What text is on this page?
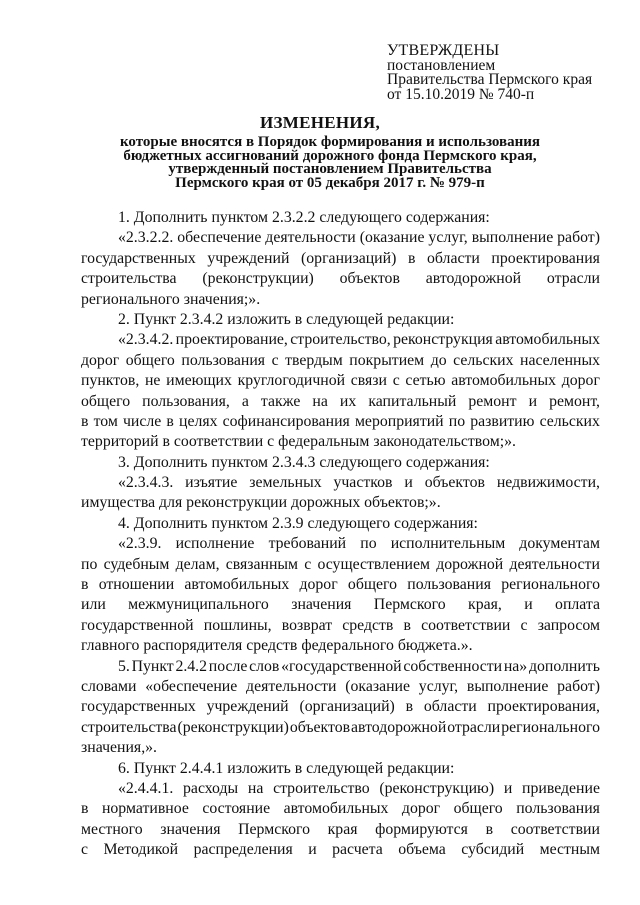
УТВЕРЖДЕНЫ
постановлением
Правительства Пермского края
от 15.10.2019 № 740-п
ИЗМЕНЕНИЯ,
которые вносятся в Порядок формирования и использования
бюджетных ассигнований дорожного фонда Пермского края,
утвержденный постановлением Правительства
Пермского края от 05 декабря 2017 г. № 979-п
1. Дополнить пунктом 2.3.2.2 следующего содержания:
«2.3.2.2. обеспечение деятельности (оказание услуг, выполнение работ)
государственных учреждений (организаций) в области проектирования
строительства (реконструкции) объектов автодорожной отрасли
регионального значения;».
2. Пункт 2.3.4.2 изложить в следующей редакции:
«2.3.4.2. проектирование, строительство, реконструкция автомобильных
дорог общего пользования с твердым покрытием до сельских населенных
пунктов, не имеющих круглогодичной связи с сетью автомобильных дорог
общего пользования, а также на их капитальный ремонт и ремонт,
в том числе в целях софинансирования мероприятий по развитию сельских
территорий в соответствии с федеральным законодательством;».
3. Дополнить пунктом 2.3.4.3 следующего содержания:
«2.3.4.3. изъятие земельных участков и объектов недвижимости,
имущества для реконструкции дорожных объектов;».
4. Дополнить пунктом 2.3.9 следующего содержания:
«2.3.9. исполнение требований по исполнительным документам
по судебным делам, связанным с осуществлением дорожной деятельности
в отношении автомобильных дорог общего пользования регионального
или межмуниципального значения Пермского края, и оплата
государственной пошлины, возврат средств в соответствии с запросом
главного распорядителя средств федерального бюджета.».
5. Пункт 2.4.2 после слов «государственной собственности на» дополнить
словами «обеспечение деятельности (оказание услуг, выполнение работ)
государственных учреждений (организаций) в области проектирования,
строительства (реконструкции) объектов автодорожной отрасли регионального
значения,».
6. Пункт 2.4.4.1 изложить в следующей редакции:
«2.4.4.1. расходы на строительство (реконструкцию) и приведение
в нормативное состояние автомобильных дорог общего пользования
местного значения Пермского края формируются в соответствии
с Методикой распределения и расчета объема субсидий местным
